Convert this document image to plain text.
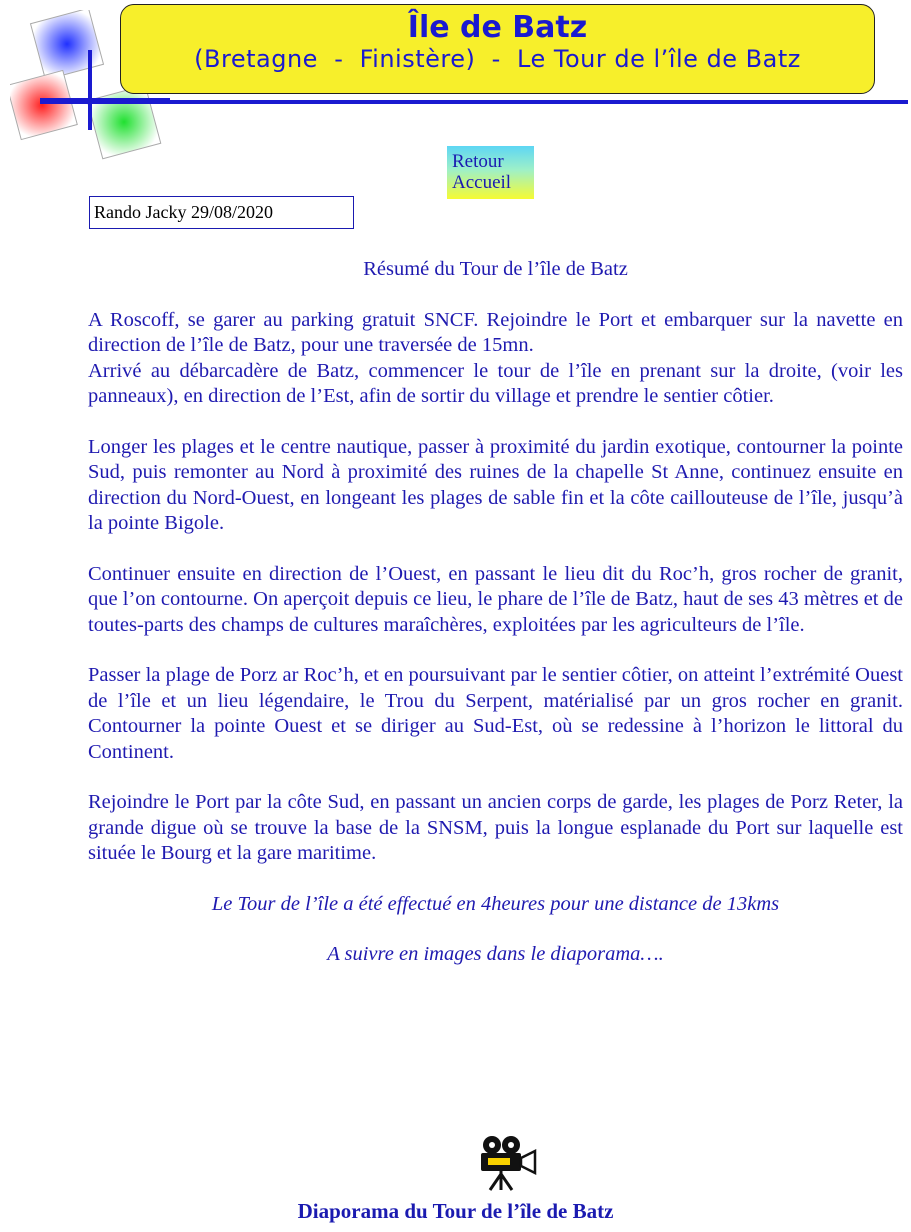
Île de Batz
(Bretagne  -  Finistère)  -  Le Tour de l’île de Batz
Retour
Accueil
Rando Jacky 29/08/2020
Résumé du Tour de l’île de Batz

A Roscoff, se garer au parking gratuit SNCF. Rejoindre le Port et embarquer sur la navette en direction de l’île de Batz, pour une traversée de 15mn.

Arrivé au débarcadère de Batz, commencer le tour de l’île en prenant sur la droite, (voir les panneaux), en direction de l’Est, afin de sortir du village et prendre le sentier côtier.

Longer les plages et le centre nautique, passer à proximité du jardin exotique, contourner la pointe Sud, puis remonter au Nord à proximité des ruines de la chapelle St Anne, continuez ensuite en direction du Nord-Ouest, en longeant les plages de sable fin et la côte caillouteuse de l’île, jusqu’à la pointe Bigole.
Continuer ensuite en direction de l’Ouest, en passant le lieu dit du Roc’h, gros rocher de granit, que l’on contourne. On aperçoit depuis ce lieu, le phare de l’île de Batz, haut de ses 43 mètres et de toutes-parts des champs de cultures maraîchères, exploitées par les agriculteurs de l’île.
Passer la plage de Porz ar Roc’h, et en poursuivant par le sentier côtier, on atteint l’extrémité Ouest de l’île et un lieu légendaire, le Trou du Serpent, matérialisé par un gros rocher en granit. Contourner la pointe Ouest et se diriger au Sud-Est, où se redessine à l’horizon le littoral du Continent.
Rejoindre le Port par la côte Sud, en passant un ancien corps de garde, les plages de Porz Reter, la grande digue où se trouve la base de la SNSM, puis la longue esplanade du Port sur laquelle est située le Bourg et la gare maritime.
Le Tour de l’île a été effectué en 4heures pour une distance de 13kms
A suivre en images dans le diaporama….
Diaporama du Tour de l’île de Batz
